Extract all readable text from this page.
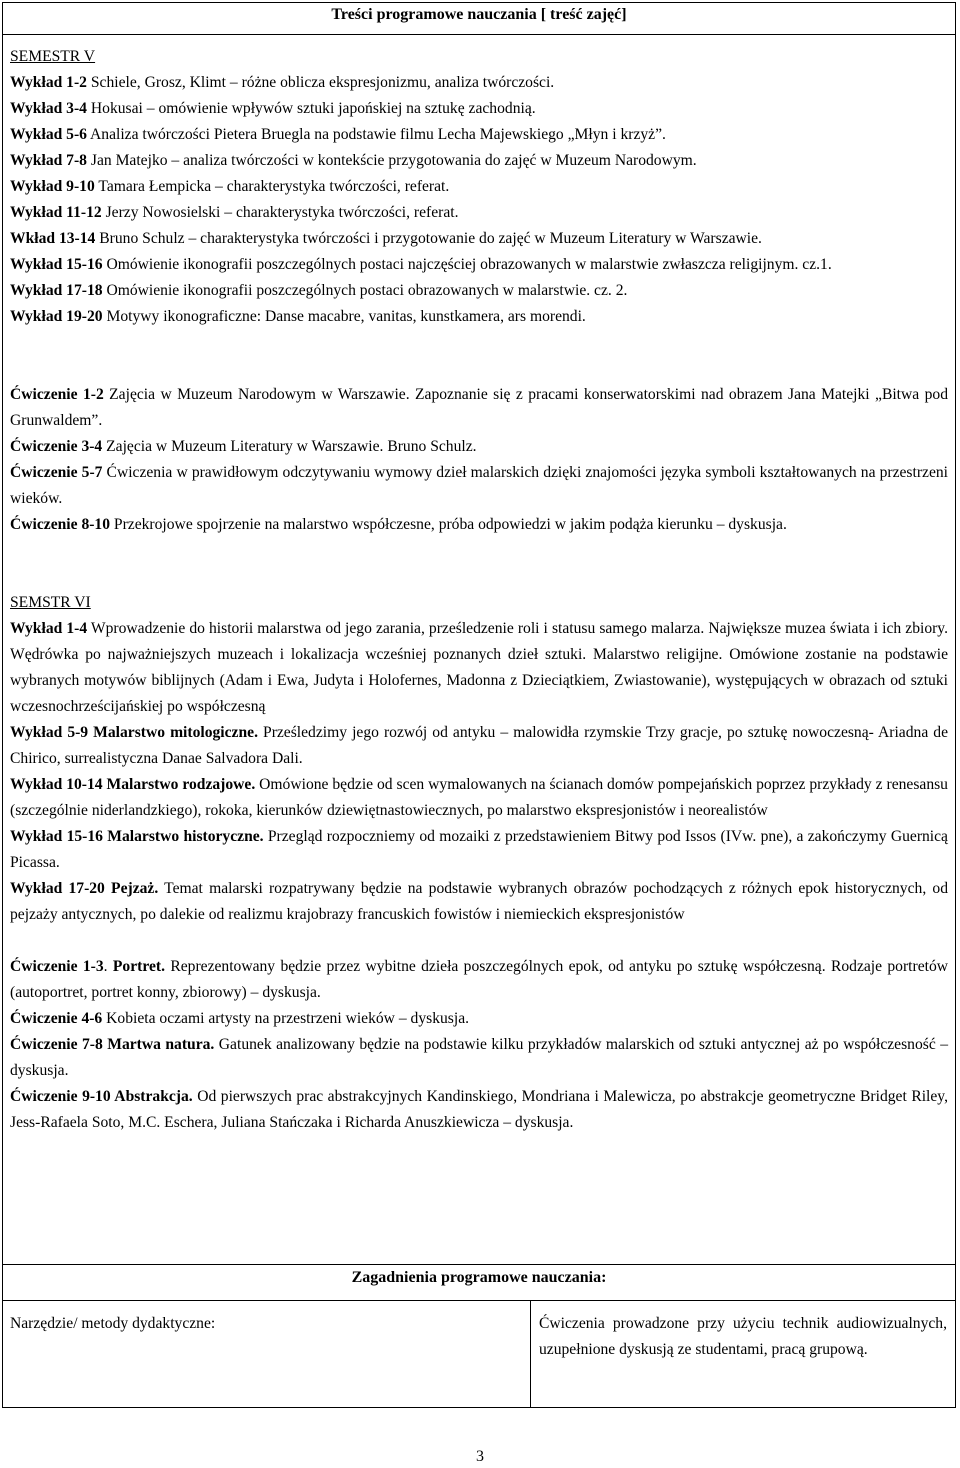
Treści programowe nauczania [ treść zajęć]
Zagadnienia programowe nauczania:

SEMESTR V

Wykład 1-2 Schiele, Grosz, Klimt – różne oblicza ekspresjonizmu, analiza twórczości.

Wykład 3-4 Hokusai – omówienie wpływów sztuki japońskiej na sztukę zachodnią.

Wykład 5-6 Analiza twórczości Pietera Bruegla na podstawie filmu Lecha Majewskiego „Młyn i krzyż”.

Wykład 7-8 Jan Matejko – analiza twórczości w kontekście przygotowania do zajęć w Muzeum Narodowym.

Wykład 9-10 Tamara Łempicka – charakterystyka twórczości, referat.

Wykład 11-12 Jerzy Nowosielski – charakterystyka twórczości, referat.

Wkład 13-14 Bruno Schulz – charakterystyka twórczości i przygotowanie do zajęć w Muzeum Literatury w Warszawie.

Wykład 15-16 Omówienie ikonografii poszczególnych postaci najczęściej obrazowanych w malarstwie zwłaszcza religijnym. cz.1.

Wykład 17-18 Omówienie ikonografii poszczególnych postaci obrazowanych w malarstwie. cz. 2.

Wykład 19-20 Motywy ikonograficzne: Danse macabre, vanitas, kunstkamera, ars morendi.

Ćwiczenie 1-2 Zajęcia w Muzeum Narodowym w Warszawie. Zapoznanie się z pracami konserwatorskimi nad obrazem Jana Matejki „Bitwa pod Grunwaldem”.

Ćwiczenie 3-4 Zajęcia w Muzeum Literatury w Warszawie. Bruno Schulz.

Ćwiczenie 5-7 Ćwiczenia w prawidłowym odczytywaniu wymowy dzieł malarskich dzięki znajomości języka symboli kształtowanych na przestrzeni wieków.

Ćwiczenie 8-10 Przekrojowe spojrzenie na malarstwo współczesne, próba odpowiedzi w jakim podąża kierunku – dyskusja.

SEMSTR VI

Wykład 1-4 Wprowadzenie do historii malarstwa od jego zarania, prześledzenie roli i statusu samego malarza. Największe muzea świata i ich zbiory. Wędrówka po najważniejszych muzeach i lokalizacja wcześniej poznanych dzieł sztuki. Malarstwo religijne. Omówione zostanie na podstawie wybranych motywów biblijnych (Adam i Ewa, Judyta i Holofernes, Madonna z Dzieciątkiem, Zwiastowanie), występujących w obrazach od sztuki wczesnochrześcijańskiej po współczesną

Wykład 5-9 Malarstwo mitologiczne. Prześledzimy jego rozwój od antyku – malowidła rzymskie Trzy gracje, po sztukę nowoczesną- Ariadna de Chirico, surrealistyczna Danae Salvadora Dali.

Wykład 10-14 Malarstwo rodzajowe. Omówione będzie od scen wymalowanych na ścianach domów pompejańskich poprzez przykłady z renesansu (szczególnie niderlandzkiego), rokoka, kierunków dziewiętnastowiecznych, po malarstwo ekspresjonistów i neorealistów

Wykład 15-16 Malarstwo historyczne. Przegląd rozpoczniemy od mozaiki z przedstawieniem Bitwy pod Issos (IVw. pne), a zakończymy Guernicą Picassa.

Wykład 17-20 Pejzaż. Temat malarski rozpatrywany będzie na podstawie wybranych obrazów pochodzących z różnych epok historycznych, od pejzaży antycznych, po dalekie od realizmu krajobrazy francuskich fowistów i niemieckich ekspresjonistów

Ćwiczenie 1-3. Portret. Reprezentowany będzie przez wybitne dzieła poszczególnych epok, od antyku po sztukę współczesną. Rodzaje portretów (autoportret, portret konny, zbiorowy) – dyskusja.

Ćwiczenie 4-6 Kobieta oczami artysty na przestrzeni wieków – dyskusja.

Ćwiczenie 7-8 Martwa natura. Gatunek analizowany będzie na podstawie kilku przykładów malarskich od sztuki antycznej aż po współczesność – dyskusja.

Ćwiczenie 9-10 Abstrakcja. Od pierwszych prac abstrakcyjnych Kandinskiego, Mondriana i Malewicza, po abstrakcje geometryczne Bridget Riley, Jess-Rafaela Soto, M.C. Eschera, Juliana Stańczaka i Richarda Anuszkiewicza – dyskusja.

Narzędzie/ metody dydaktyczne:	Ćwiczenia prowadzone przy użyciu technik audiowizualnych, uzupełnione dyskusją ze studentami, pracą grupową.
3
